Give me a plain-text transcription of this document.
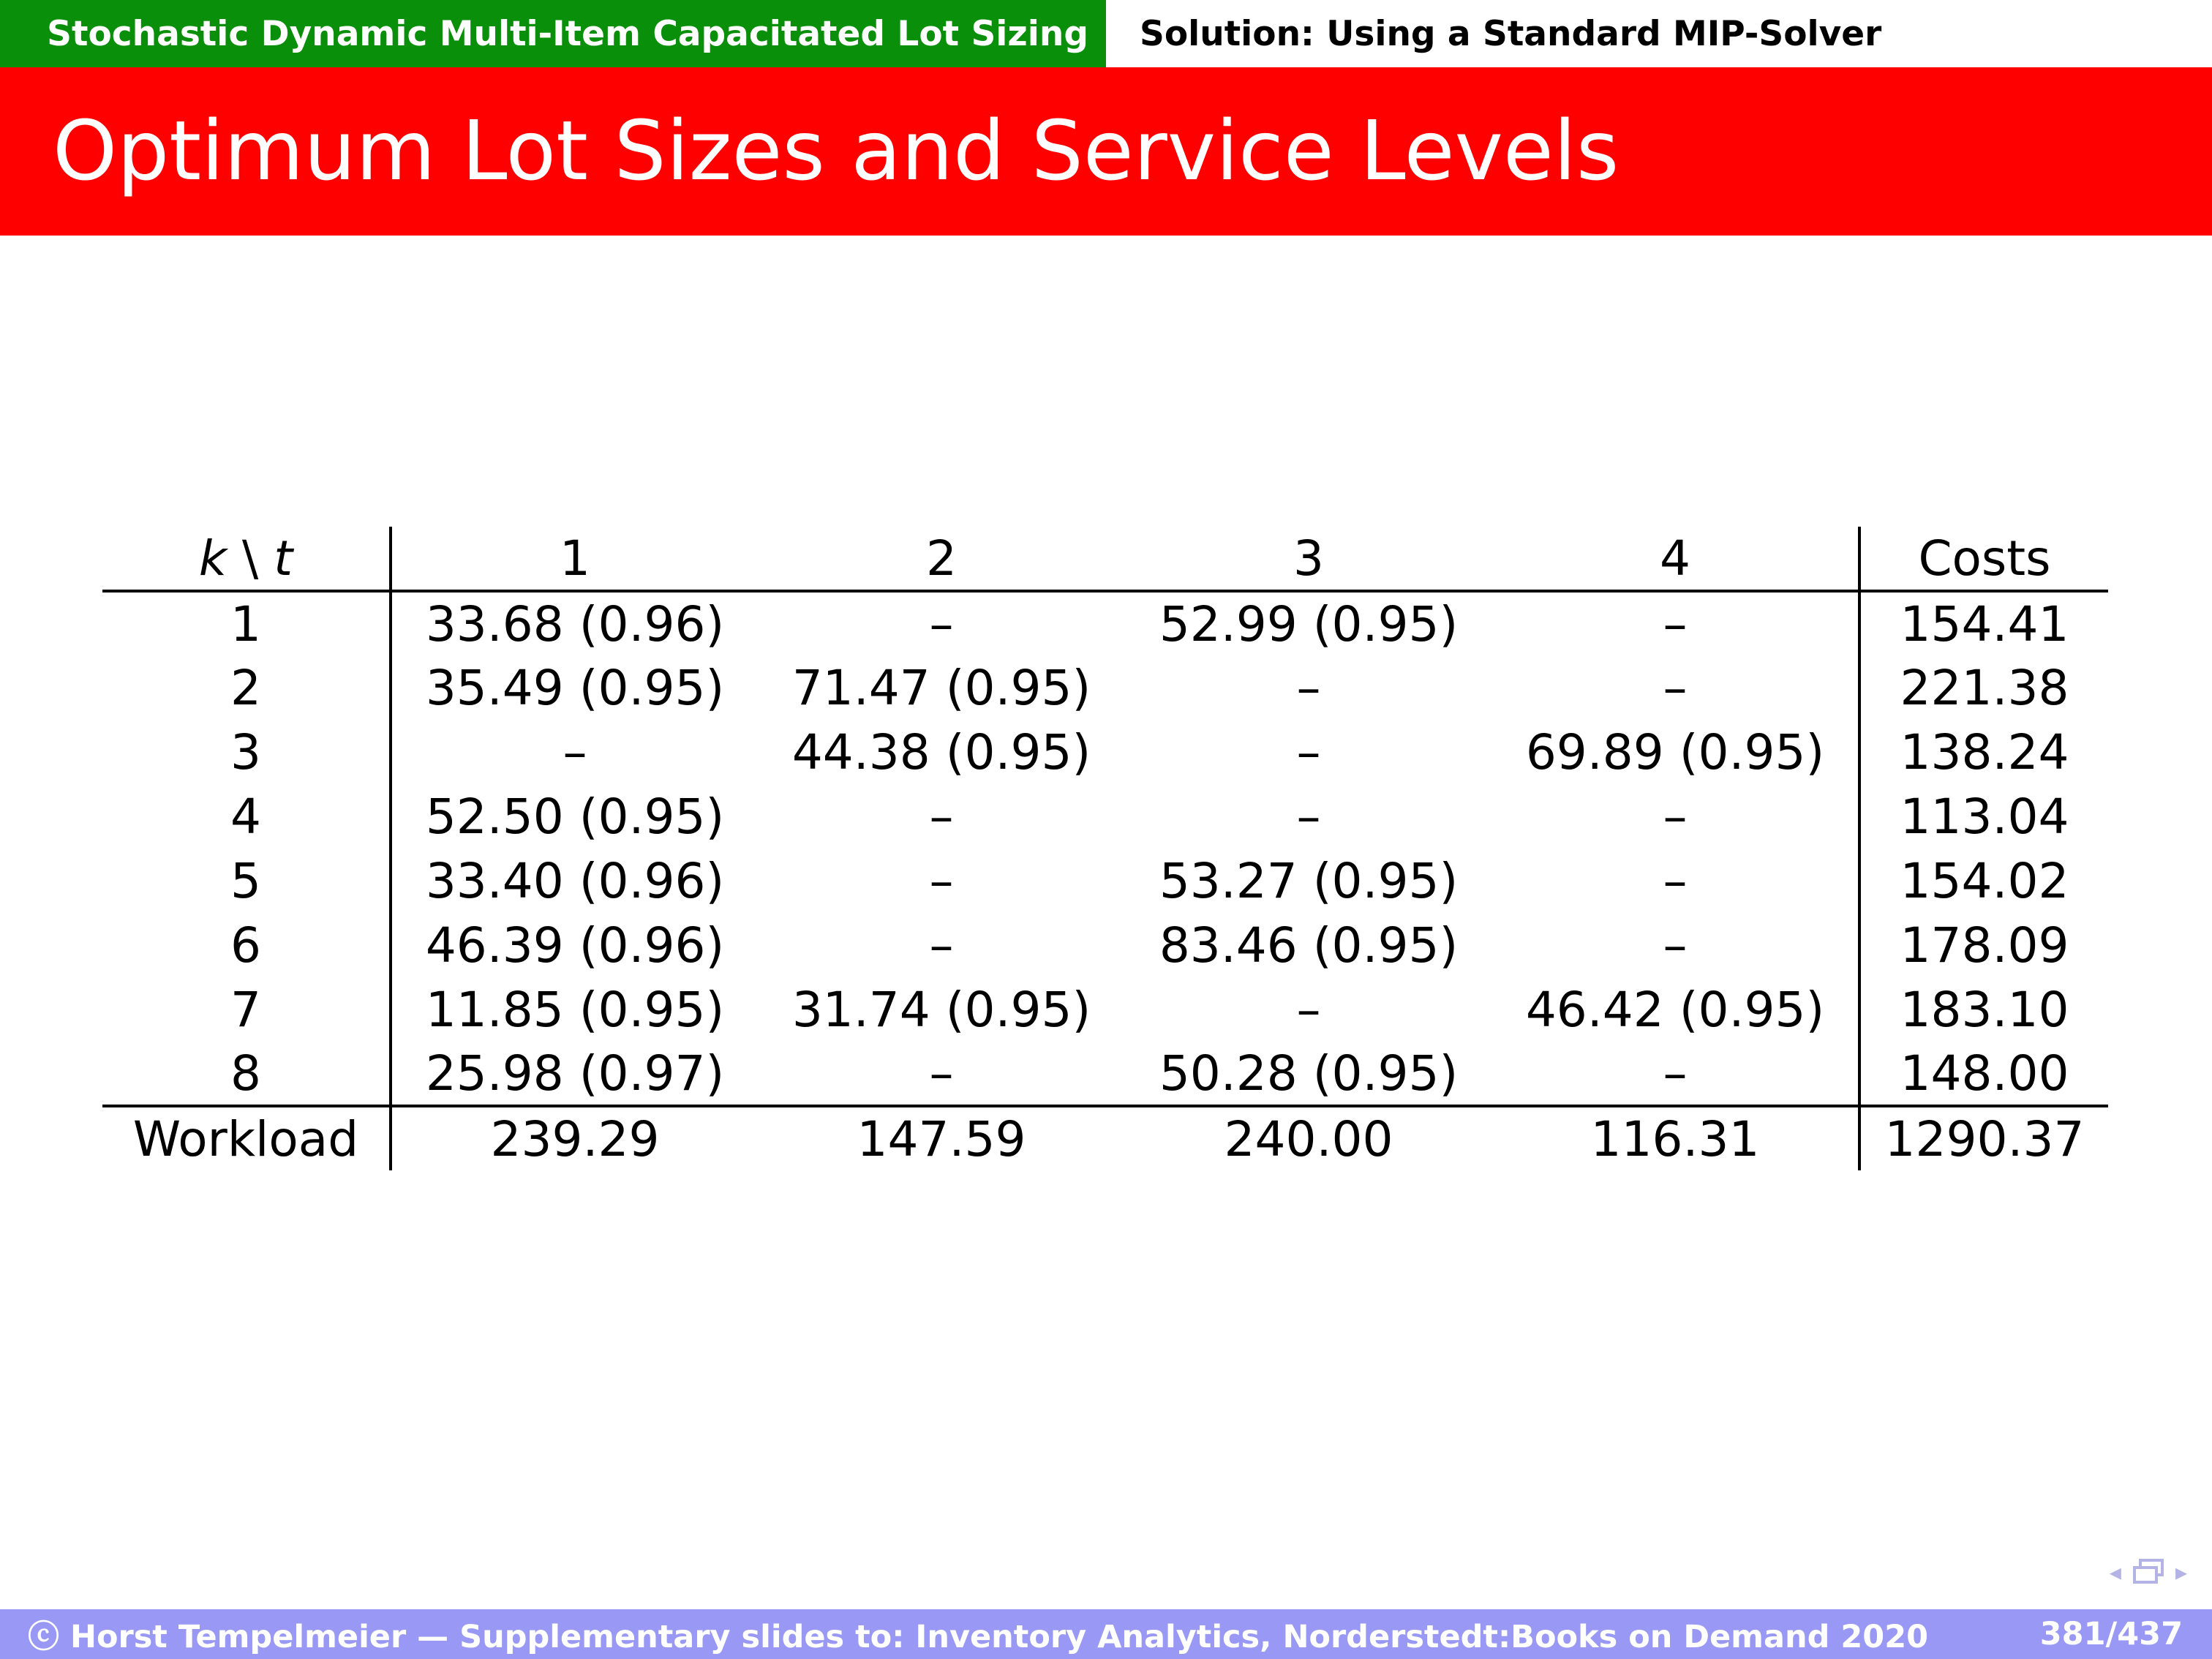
Stochastic Dynamic Multi-Item Capacitated Lot Sizing	Solution: Using a Standard MIP-Solver
Optimum Lot Sizes and Service Levels
k \ t	1	2	3	4	Costs
1	33.68 (0.96)	–	52.99 (0.95)	–	154.41
2	35.49 (0.95)	71.47 (0.95)	–	–	221.38
3	–	44.38 (0.95)	–	69.89 (0.95)	138.24
4	52.50 (0.95)	–	–	–	113.04
5	33.40 (0.96)	–	53.27 (0.95)	–	154.02
6	46.39 (0.96)	–	83.46 (0.95)	–	178.09
7	11.85 (0.95)	31.74 (0.95)	–	46.42 (0.95)	183.10
8	25.98 (0.97)	–	50.28 (0.95)	–	148.00
Workload	239.29	147.59	240.00	116.31	1290.37
◂ ▸
ⓒ Horst Tempelmeier — Supplementary slides to: Inventory Analytics, Norderstedt:Books on Demand 2020	381/437
